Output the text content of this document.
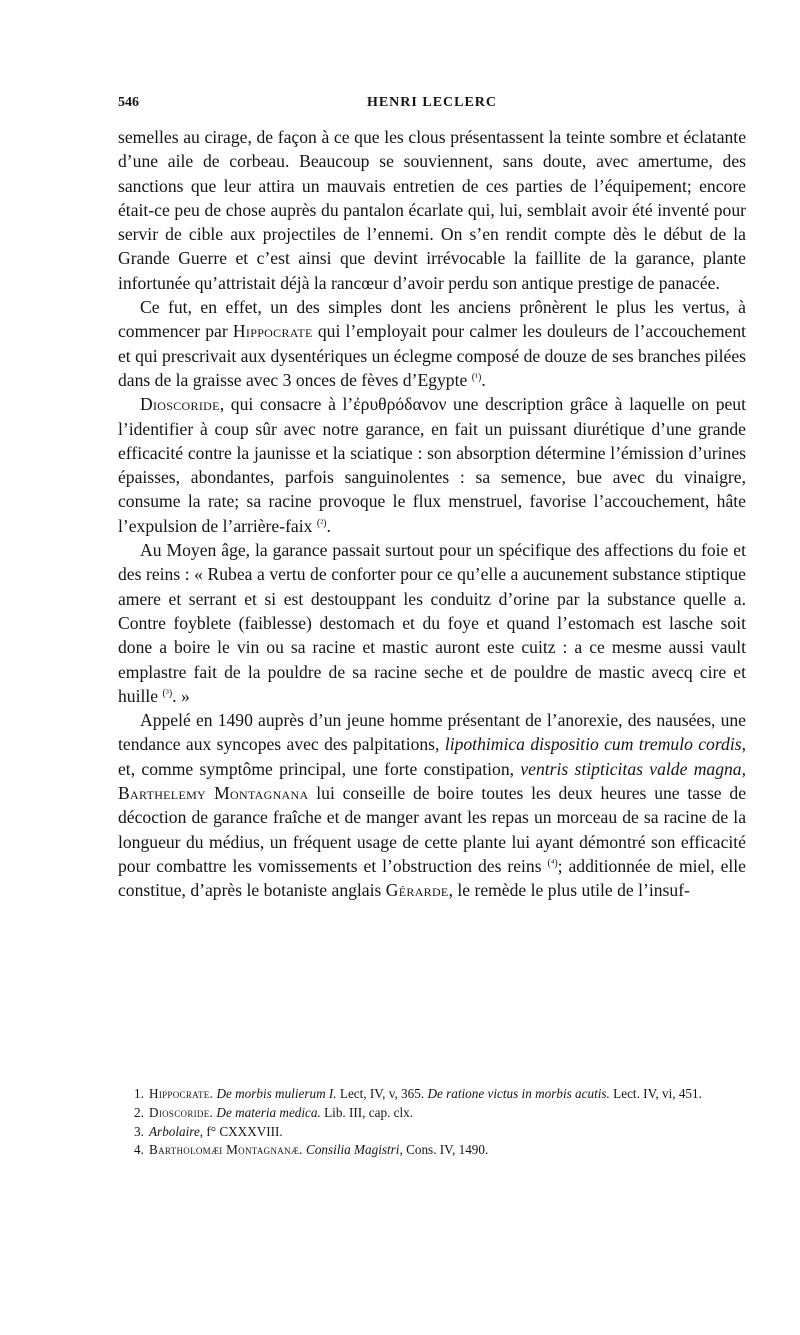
546	HENRI LECLERC

semelles au cirage, de façon à ce que les clous présentassent la teinte sombre et éclatante d’une aile de corbeau. Beaucoup se souviennent, sans doute, avec amertume, des sanctions que leur attira un mauvais entretien de ces parties de l’équipement; encore était-ce peu de chose auprès du pantalon écarlate qui, lui, semblait avoir été inventé pour servir de cible aux projectiles de l’ennemi. On s’en rendit compte dès le début de la Grande Guerre et c’est ainsi que devint irrévocable la faillite de la garance, plante infortunée qu’attristait déjà la rancœur d’avoir perdu son antique prestige de panacée.

Ce fut, en effet, un des simples dont les anciens prônèrent le plus les vertus, à commencer par Hippocrate qui l’employait pour calmer les douleurs de l’accouchement et qui prescrivait aux dysentériques un éclegme composé de douze de ses branches pilées dans de la graisse avec 3 onces de fèves d’Egypte $^{(^1)}$.

Dioscoride, qui consacre à l’ἐρυθρόδανον une description grâce à laquelle on peut l’identifier à coup sûr avec notre garance, en fait un puissant diurétique d’une grande efficacité contre la jaunisse et la sciatique : son absorption détermine l’émission d’urines épaisses, abondantes, parfois sanguinolentes : sa semence, bue avec du vinaigre, consume la rate; sa racine provoque le flux menstruel, favorise l’accouchement, hâte l’expulsion de l’arrière-faix $^{(^2)}$.

Au Moyen âge, la garance passait surtout pour un spécifique des affections du foie et des reins : « Rubea a vertu de conforter pour ce qu’elle a aucunement substance stiptique amere et serrant et si est destouppant les conduitz d’orine par la substance quelle a. Contre foyblete (faiblesse) destomach et du foye et quand l’estomach est lasche soit done a boire le vin ou sa racine et mastic auront este cuitz : a ce mesme aussi vault emplastre fait de la pouldre de sa racine seche et de pouldre de mastic avecq cire et huille $^{(^3)}$. »

Appelé en 1490 auprès d’un jeune homme présentant de l’anorexie, des nausées, une tendance aux syncopes avec des palpitations, lipothimica dispositio cum tremulo cordis, et, comme symptôme principal, une forte constipation, ventris stipticitas valde magna, Barthelemy Montagnana lui conseille de boire toutes les deux heures une tasse de décoction de garance fraîche et de manger avant les repas un morceau de sa racine de la longueur du médius, un fréquent usage de cette plante lui ayant démontré son efficacité pour combattre les vomissements et l’obstruction des reins $^{(^4)}$; additionnée de miel, elle constitue, d’après le botaniste anglais Gérarde, le remède le plus utile de l’insuf-

1. Hippocrate. De morbis mulierum I. Lect, IV, v, 365. De ratione victus in morbis acutis. Lect. IV, vi, 451.

2. Dioscoride. De materia medica. Lib. III, cap. clx.

3. Arbolaire, f° CXXXVIII.

4. Bartholomæi Montagnanæ. Consilia Magistri, Cons. IV, 1490.
